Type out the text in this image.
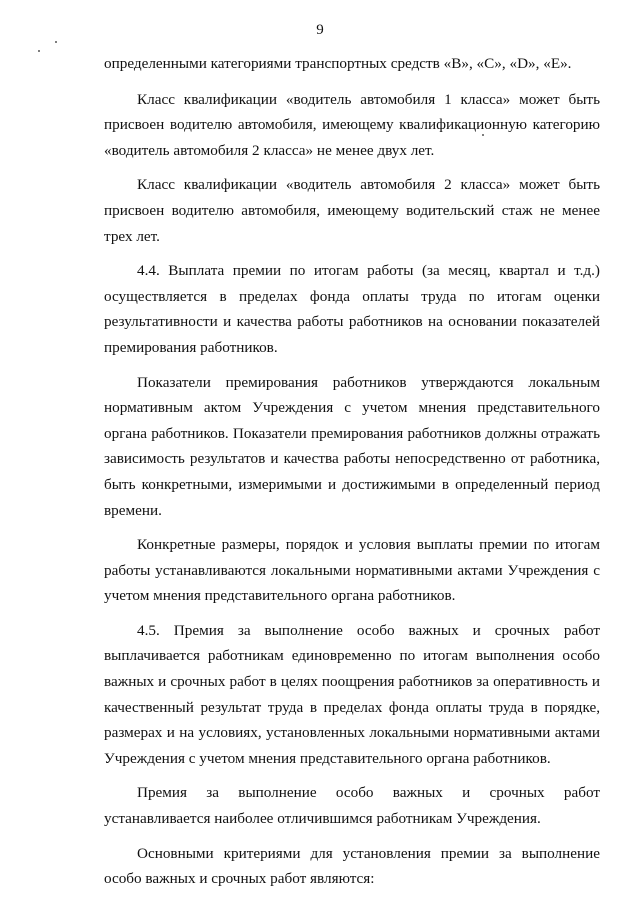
9

определенными категориями транспортных средств «B», «C», «D», «E».

Класс квалификации «водитель автомобиля 1 класса» может быть присвоен водителю автомобиля, имеющему квалификационную категорию «водитель автомобиля 2 класса» не менее двух лет.

Класс квалификации «водитель автомобиля 2 класса» может быть присвоен водителю автомобиля, имеющему водительский стаж не менее трех лет.

4.4. Выплата премии по итогам работы (за месяц, квартал и т.д.) осуществляется в пределах фонда оплаты труда по итогам оценки результативности и качества работы работников на основании показателей премирования работников.

Показатели премирования работников утверждаются локальным нормативным актом Учреждения с учетом мнения представительного органа работников. Показатели премирования работников должны отражать зависимость результатов и качества работы непосредственно от работника, быть конкретными, измеримыми и достижимыми в определенный период времени.

Конкретные размеры, порядок и условия выплаты премии по итогам работы устанавливаются локальными нормативными актами Учреждения с учетом мнения представительного органа работников.

4.5. Премия за выполнение особо важных и срочных работ выплачивается работникам единовременно по итогам выполнения особо важных и срочных работ в целях поощрения работников за оперативность и качественный результат труда в пределах фонда оплаты труда в порядке, размерах и на условиях, установленных локальными нормативными актами Учреждения с учетом мнения представительного органа работников.

Премия за выполнение особо важных и срочных работ устанавливается наиболее отличившимся работникам Учреждения.

Основными критериями для установления премии за выполнение особо важных и срочных работ являются:
